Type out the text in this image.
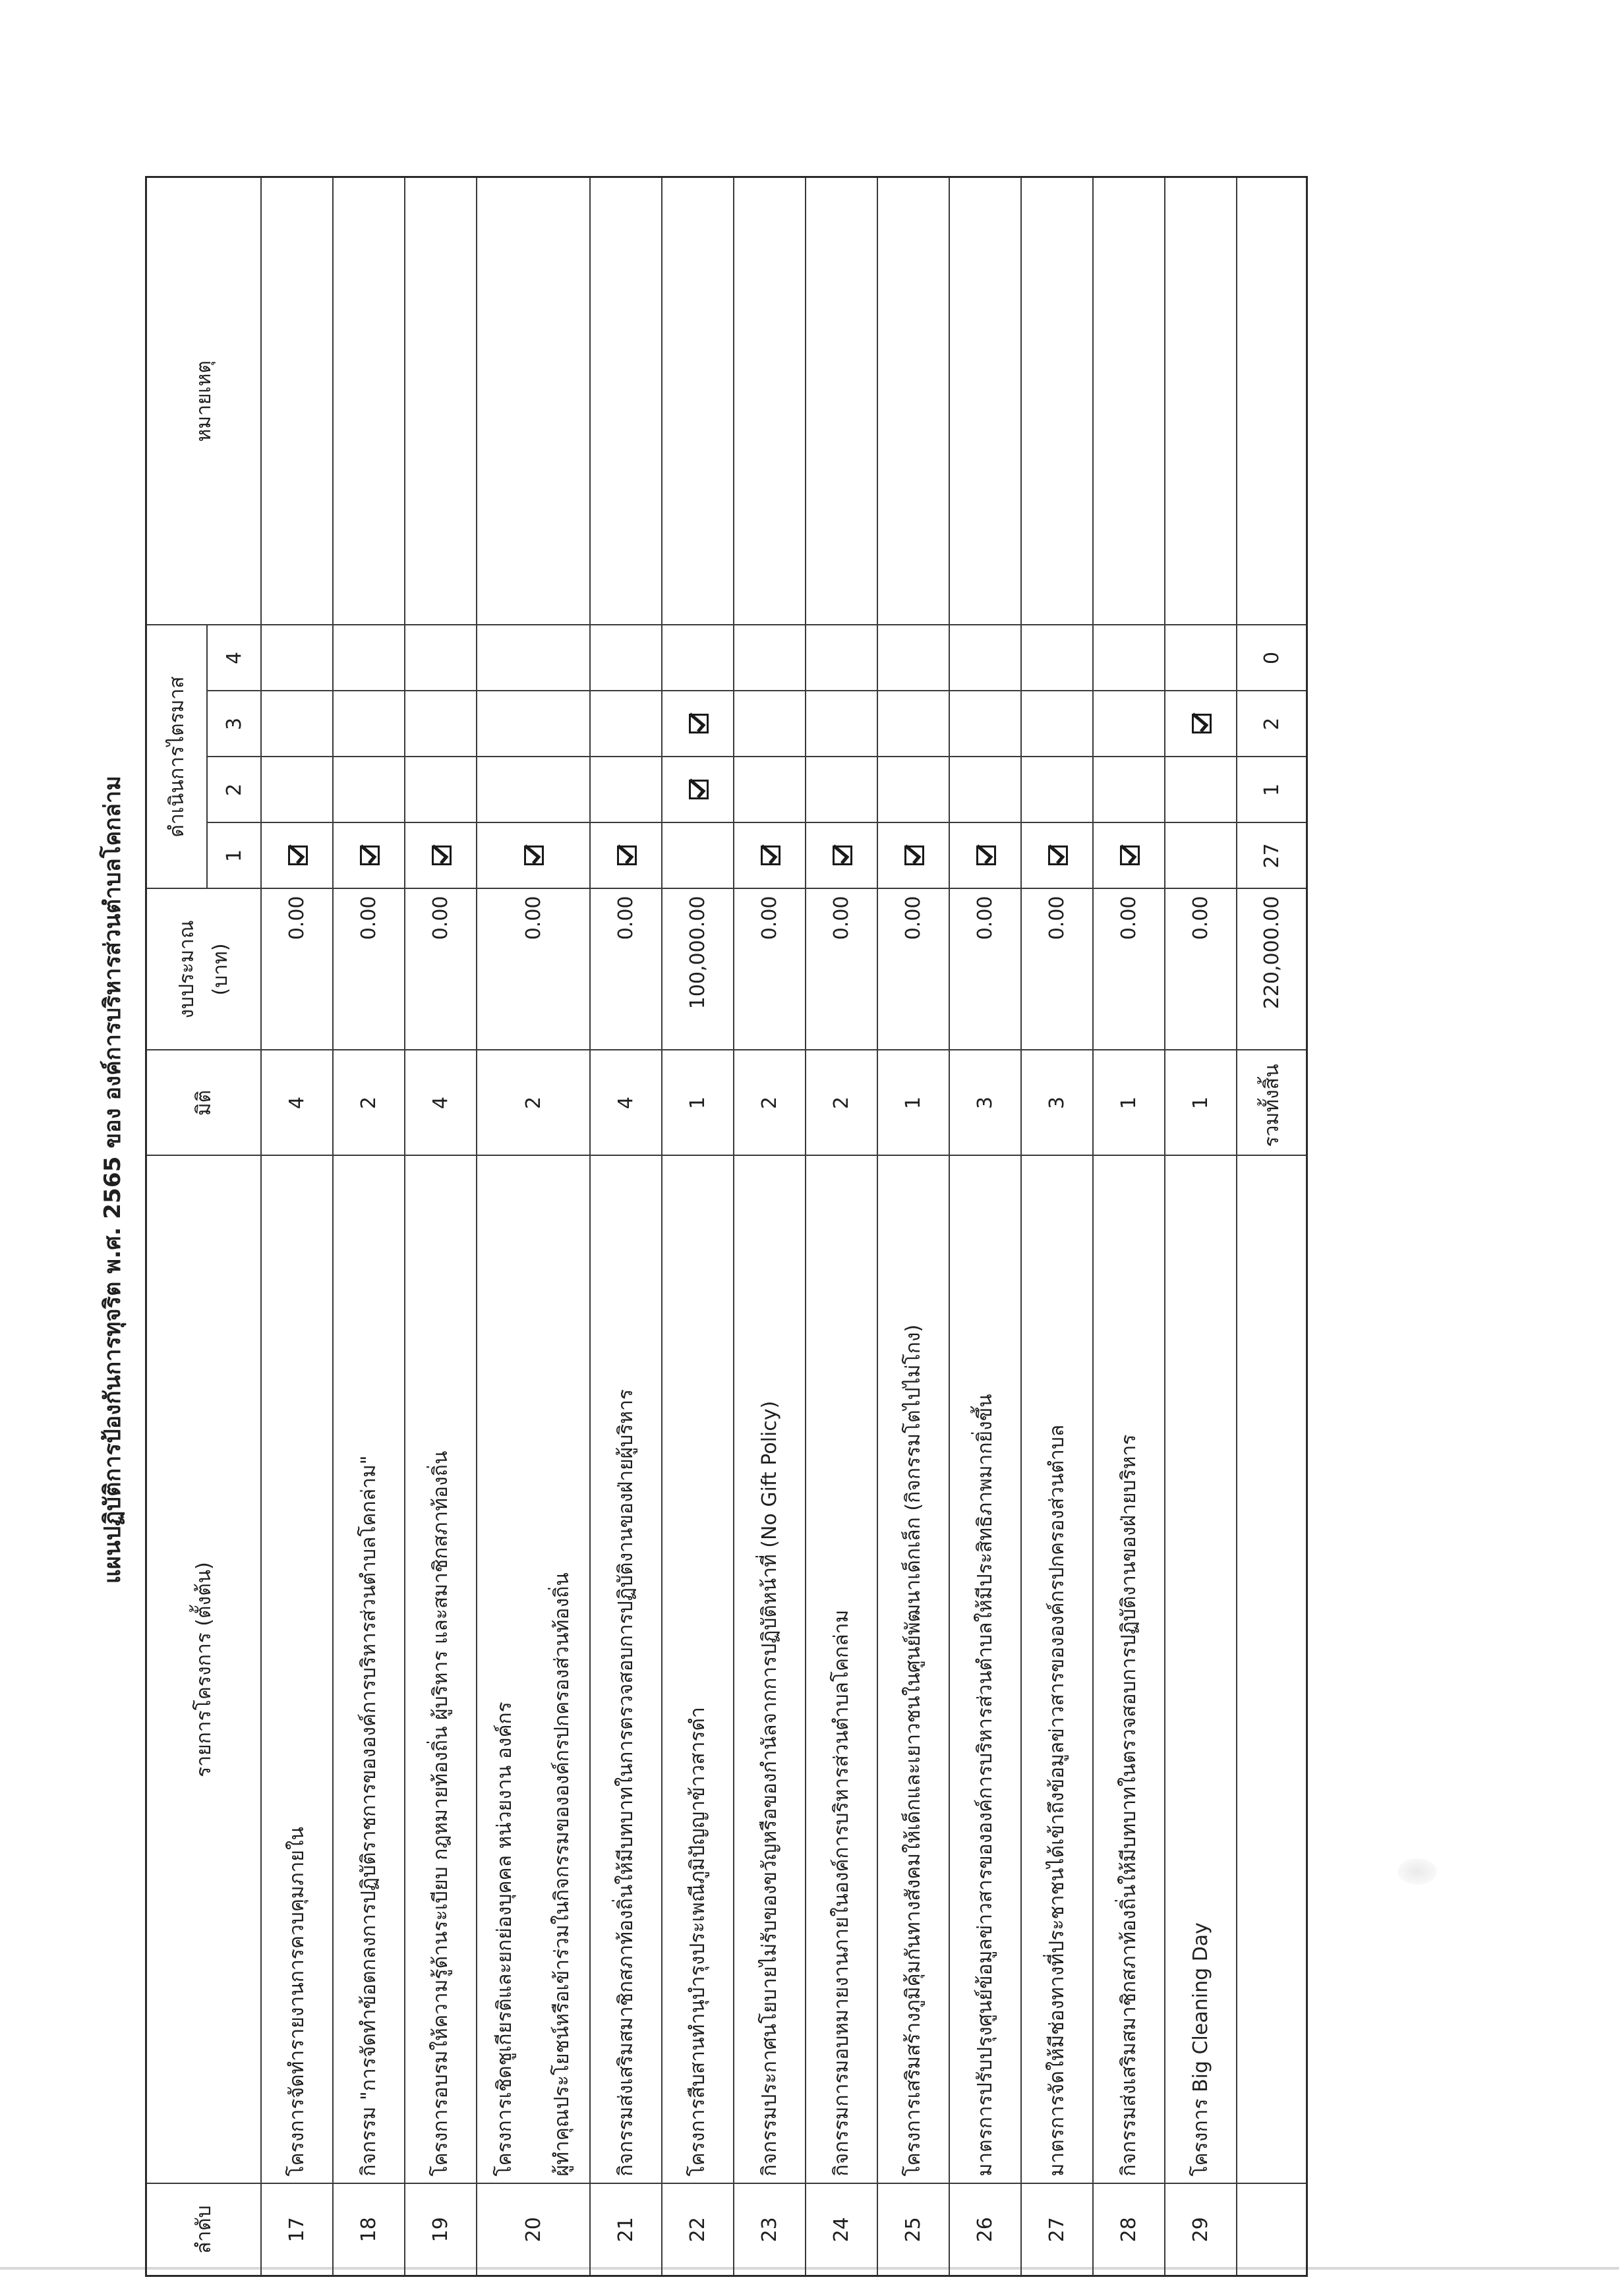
แผนปฏิบัติการป้องกันการทุจริต พ.ศ. 2565 ของ องค์การบริหารส่วนตำบลโคกล่าม
ลำดับ	รายการโครงการ (ตั้งต้น)	มิติ	งบประมาณ (บาท)	ดำเนินการไตรมาส				หมายเหตุ
				1	2	3	4	
17	โครงการจัดทำรายงานการควบคุมภายใน	4	0.00					
18	กิจกรรม "การจัดทำข้อตกลงการปฏิบัติราชการขององค์การบริหารส่วนตำบลโคกล่าม"	2	0.00					
19	โครงการอบรมให้ความรู้ด้านระเบียบ กฎหมายท้องถิ่น ผู้บริหาร และสมาชิกสภาท้องถิ่น	4	0.00					
20	โครงการเชิดชูเกียรติและยกย่องบุคคล หน่วยงาน องค์กร ผู้ทำคุณประโยชน์หรือเข้าร่วมในกิจกรรมขององค์กรปกครองส่วนท้องถิ่น	2	0.00					
21	กิจกรรมส่งเสริมสมาชิกสภาท้องถิ่นให้มีบทบาทในการตรวจสอบการปฏิบัติงานของฝ่ายผู้บริหาร	4	0.00					
22	โครงการสืบสานทำนุบำรุงประเพณีภูมิปัญญาข้าวสารดำ	1	100,000.00					
23	กิจกรรมประกาศนโยบายไม่รับของขวัญหรือของกำนัลจากการปฏิบัติหน้าที่ (No Gift Policy)	2	0.00					
24	กิจกรรมการมอบหมายงานภายในองค์การบริหารส่วนตำบลโคกล่าม	2	0.00					
25	โครงการเสริมสร้างภูมิคุ้มกันทางสังคมให้เด็กและเยาวชนในศูนย์พัฒนาเด็กเล็ก (กิจกรรมโตไปไม่โกง)	1	0.00					
26	มาตรการปรับปรุงศูนย์ข้อมูลข่าวสารขององค์การบริหารส่วนตำบลให้มีประสิทธิภาพมากยิ่งขึ้น	3	0.00					
27	มาตรการจัดให้มีช่องทางที่ประชาชนได้เข้าถึงข้อมูลข่าวสารขององค์กรปกครองส่วนตำบล	3	0.00					
28	กิจกรรมส่งเสริมสมาชิกสภาท้องถิ่นให้มีบทบาทในตรวจสอบการปฏิบัติงานของฝ่ายบริหาร	1	0.00					
29	โครงการ Big Cleaning Day	1	0.00					
		รวมทั้งสิ้น	220,000.00	27	1	2	0	
